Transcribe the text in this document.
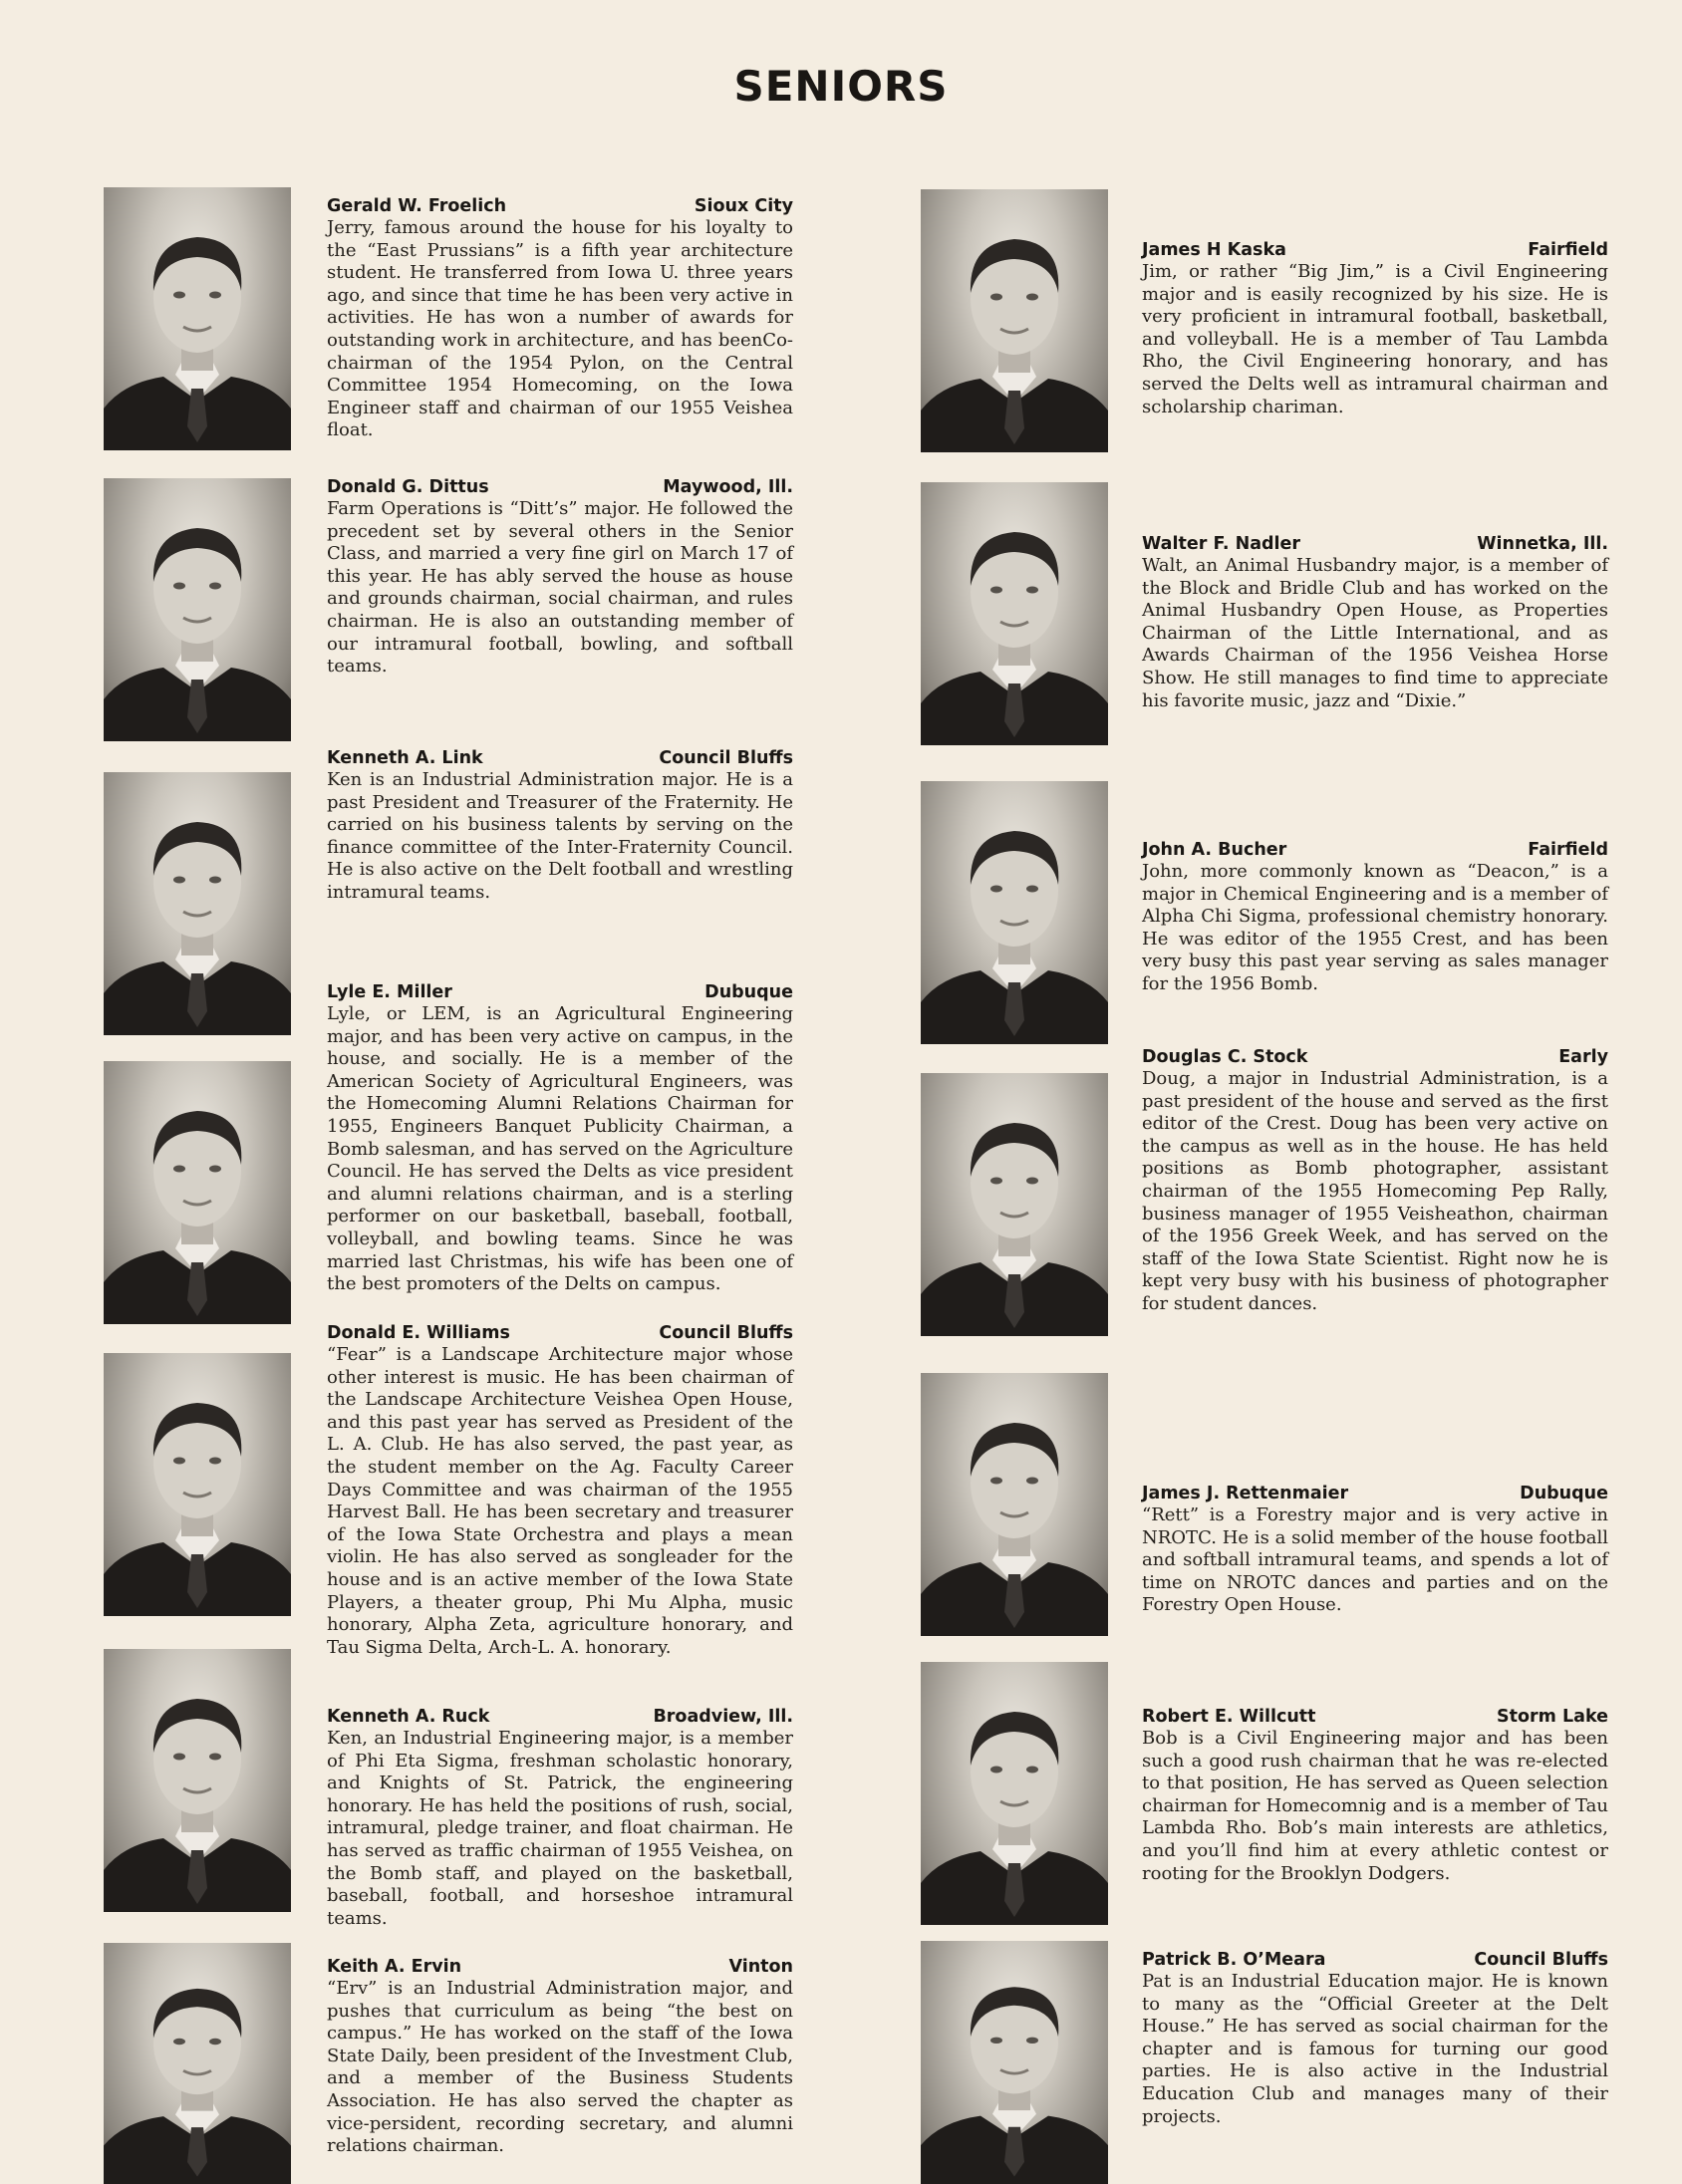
SENIORS
Gerald W. Froelich	Sioux City
Jerry, famous around the house for his loyalty to the “East Prussians” is a fifth year architecture student. He transferred from Iowa U. three years ago, and since that time he has been very active in activities. He has won a number of awards for outstanding work in architecture, and has beenCo-chairman of the 1954 Pylon, on the Central Committee 1954 Homecoming, on the Iowa Engineer staff and chairman of our 1955 Veishea float.
Donald G. Dittus	Maywood, Ill.
Farm Operations is “Ditt’s” major. He followed the precedent set by several others in the Senior Class, and married a very fine girl on March 17 of this year. He has ably served the house as house and grounds chairman, social chairman, and rules chairman. He is also an outstanding member of our intramural football, bowling, and softball teams.
Kenneth A. Link	Council Bluffs
Ken is an Industrial Administration major. He is a past President and Treasurer of the Fraternity. He carried on his business talents by serving on the finance committee of the Inter-Fraternity Council. He is also active on the Delt football and wrestling intramural teams.
Lyle E. Miller	Dubuque
Lyle, or LEM, is an Agricultural Engineering major, and has been very active on campus, in the house, and socially. He is a member of the American Society of Agricultural Engineers, was the Homecoming Alumni Relations Chairman for 1955, Engineers Banquet Publicity Chairman, a Bomb salesman, and has served on the Agriculture Council. He has served the Delts as vice president and alumni relations chairman, and is a sterling performer on our basketball, baseball, football, volleyball, and bowling teams. Since he was married last Christmas, his wife has been one of the best promoters of the Delts on campus.
Donald E. Williams	Council Bluffs
“Fear” is a Landscape Architecture major whose other interest is music. He has been chairman of the Landscape Architecture Veishea Open House, and this past year has served as President of the L. A. Club. He has also served, the past year, as the student member on the Ag. Faculty Career Days Committee and was chairman of the 1955 Harvest Ball. He has been secretary and treasurer of the Iowa State Orchestra and plays a mean violin. He has also served as songleader for the house and is an active member of the Iowa State Players, a theater group, Phi Mu Alpha, music honorary, Alpha Zeta, agriculture honorary, and Tau Sigma Delta, Arch-L. A. honorary.
Kenneth A. Ruck	Broadview, Ill.
Ken, an Industrial Engineering major, is a member of Phi Eta Sigma, freshman scholastic honorary, and Knights of St. Patrick, the engineering honorary. He has held the positions of rush, social, intramural, pledge trainer, and float chairman. He has served as traffic chairman of 1955 Veishea, on the Bomb staff, and played on the basketball, baseball, football, and horseshoe intramural teams.
Keith A. Ervin	Vinton
“Erv” is an Industrial Administration major, and pushes that curriculum as being “the best on campus.” He has worked on the staff of the Iowa State Daily, been president of the Investment Club, and a member of the Business Students Association. He has also served the chapter as vice-persident, recording secretary, and alumni relations chairman.
James H Kaska	Fairfield
Jim, or rather “Big Jim,” is a Civil Engineering major and is easily recognized by his size. He is very proficient in intramural football, basketball, and volleyball. He is a member of Tau Lambda Rho, the Civil Engineering honorary, and has served the Delts well as intramural chairman and scholarship chariman.
Walter F. Nadler	Winnetka, Ill.
Walt, an Animal Husbandry major, is a member of the Block and Bridle Club and has worked on the Animal Husbandry Open House, as Properties Chairman of the Little International, and as Awards Chairman of the 1956 Veishea Horse Show. He still manages to find time to appreciate his favorite music, jazz and “Dixie.”
John A. Bucher	Fairfield
John, more commonly known as “Deacon,” is a major in Chemical Engineering and is a member of Alpha Chi Sigma, professional chemistry honorary. He was editor of the 1955 Crest, and has been very busy this past year serving as sales manager for the 1956 Bomb.
Douglas C. Stock	Early
Doug, a major in Industrial Administration, is a past president of the house and served as the first editor of the Crest. Doug has been very active on the campus as well as in the house. He has held positions as Bomb photographer, assistant chairman of the 1955 Homecoming Pep Rally, business manager of 1955 Veisheathon, chairman of the 1956 Greek Week, and has served on the staff of the Iowa State Scientist. Right now he is kept very busy with his business of photographer for student dances.
James J. Rettenmaier	Dubuque
“Rett” is a Forestry major and is very active in NROTC. He is a solid member of the house football and softball intramural teams, and spends a lot of time on NROTC dances and parties and on the Forestry Open House.
Robert E. Willcutt	Storm Lake
Bob is a Civil Engineering major and has been such a good rush chairman that he was re-elected to that position, He has served as Queen selection chairman for Homecomnig and is a member of Tau Lambda Rho. Bob’s main interests are athletics, and you’ll find him at every athletic contest or rooting for the Brooklyn Dodgers.
Patrick B. O’Meara	Council Bluffs
Pat is an Industrial Education major. He is known to many as the “Official Greeter at the Delt House.” He has served as social chairman for the chapter and is famous for turning our good parties. He is also active in the Industrial Education Club and manages many of their projects.
